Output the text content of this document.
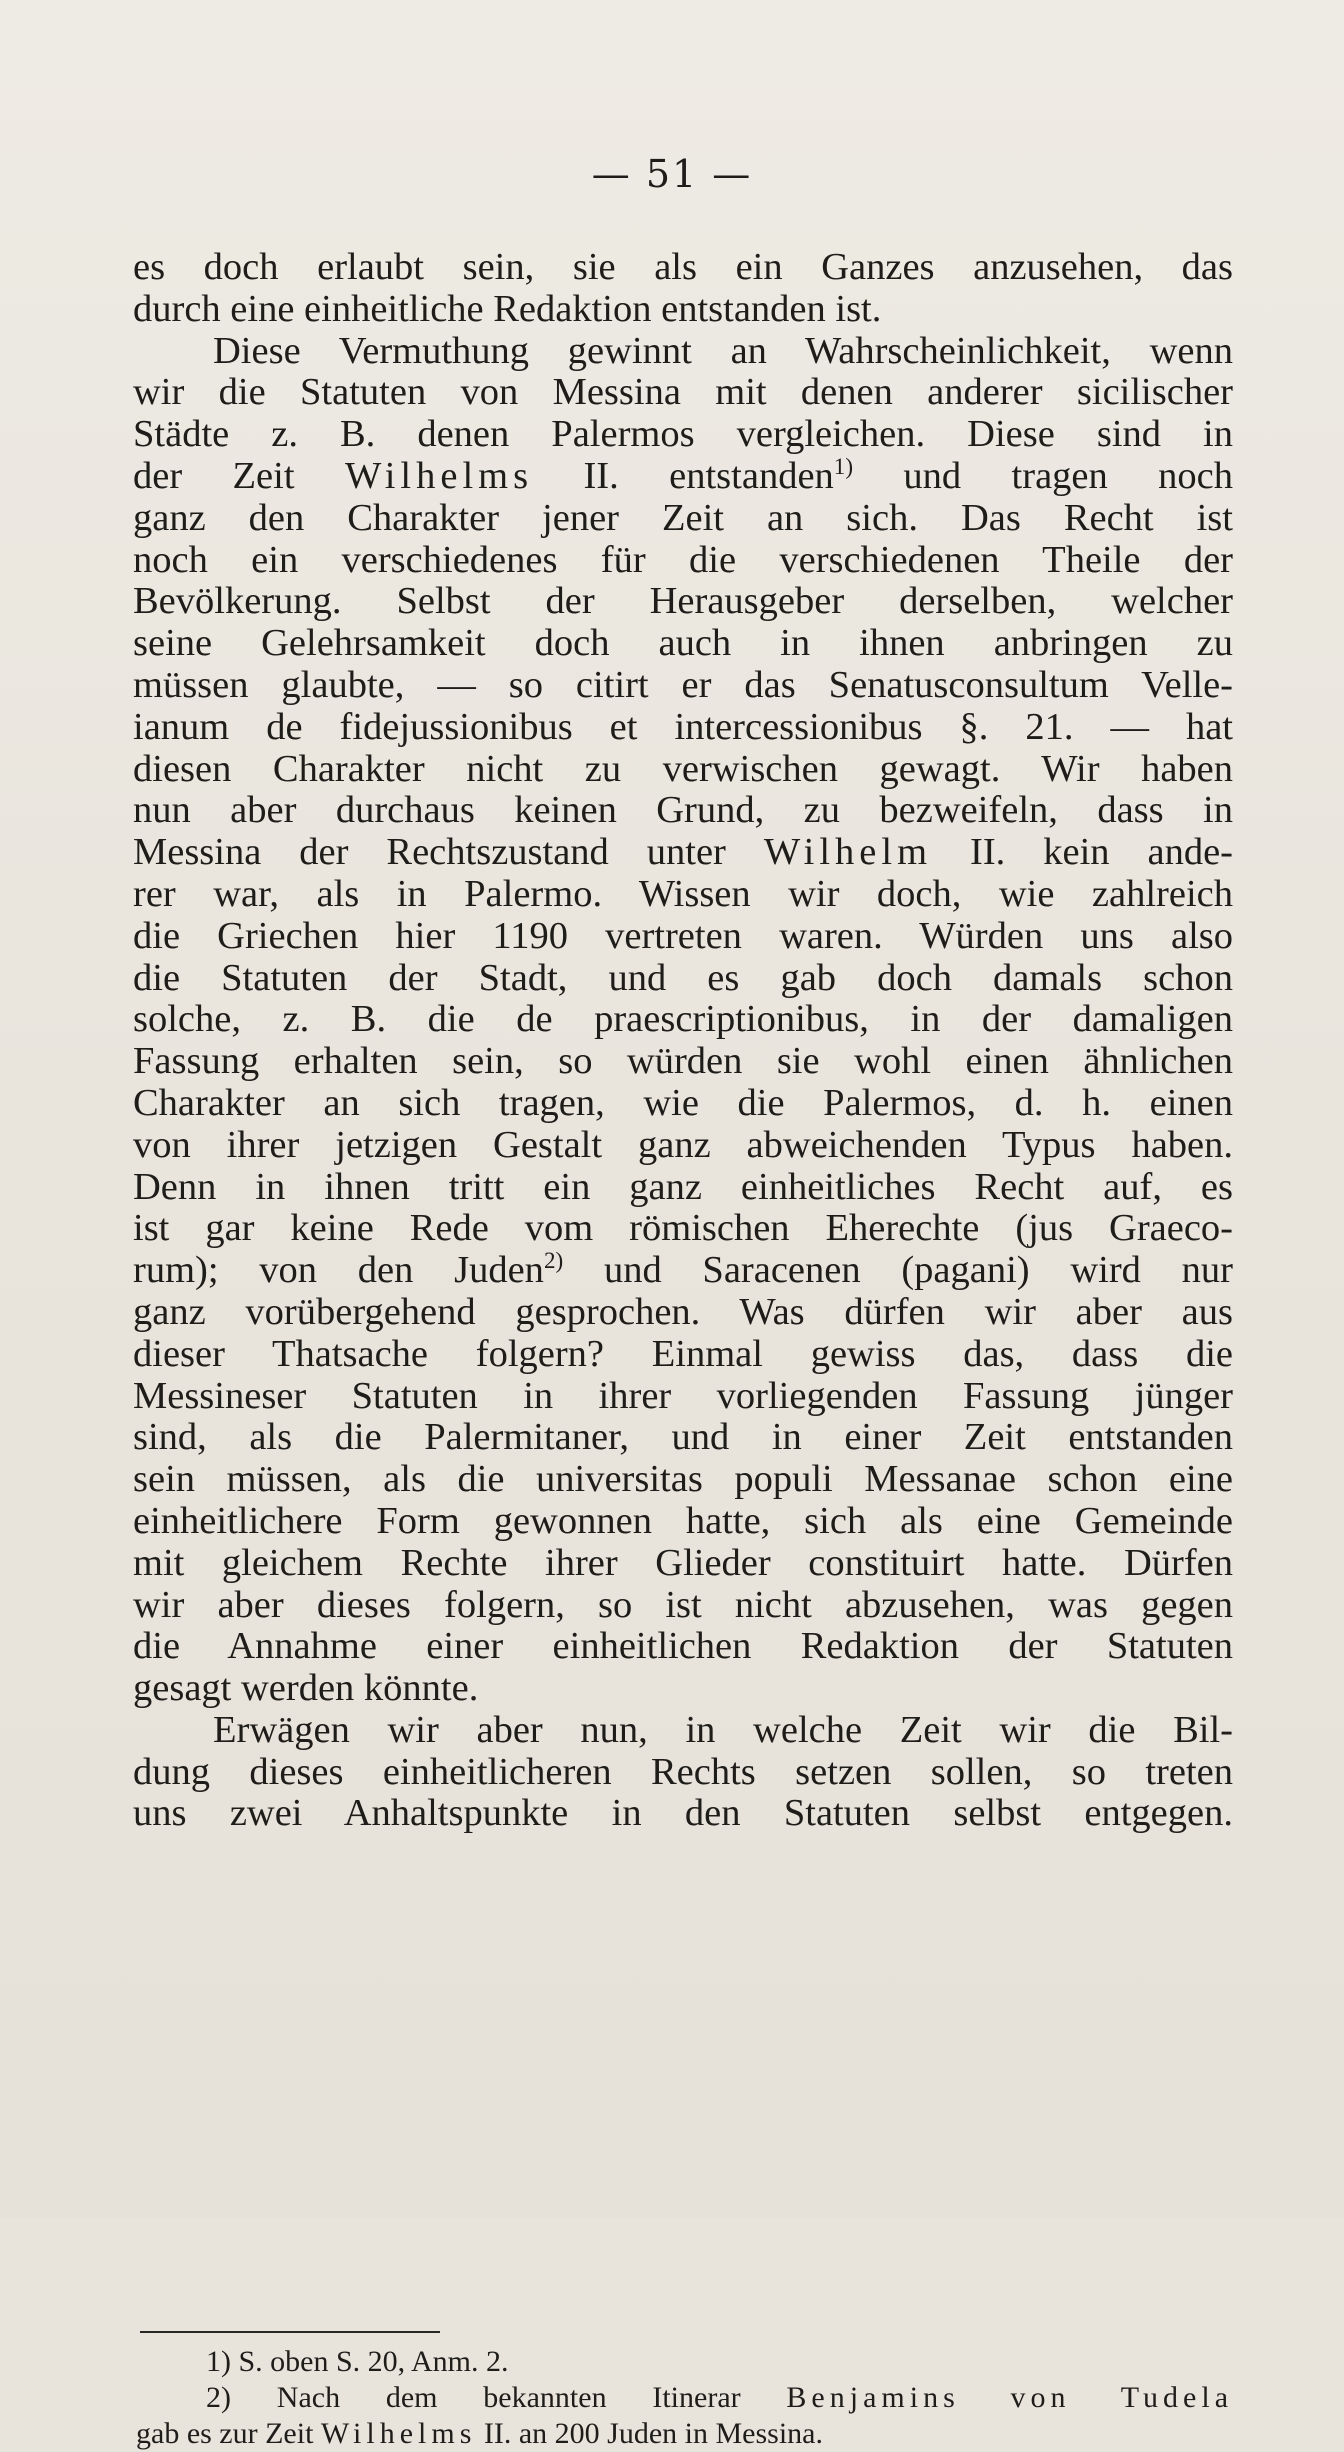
— 51 —
es doch erlaubt sein, sie als ein Ganzes anzusehen, das
durch eine einheitliche Redaktion entstanden ist.
Diese Vermuthung gewinnt an Wahrscheinlichkeit, wenn
wir die Statuten von Messina mit denen anderer sicilischer
Städte z. B. denen Palermos vergleichen. Diese sind in
der Zeit Wilhelms II. entstanden$^{1)}$ und tragen noch
ganz den Charakter jener Zeit an sich. Das Recht ist
noch ein verschiedenes für die verschiedenen Theile der
Bevölkerung. Selbst der Herausgeber derselben, welcher
seine Gelehrsamkeit doch auch in ihnen anbringen zu
müssen glaubte, — so citirt er das Senatusconsultum Velle-
ianum de fidejussionibus et intercessionibus §. 21. — hat
diesen Charakter nicht zu verwischen gewagt. Wir haben
nun aber durchaus keinen Grund, zu bezweifeln, dass in
Messina der Rechtszustand unter Wilhelm II. kein ande-
rer war, als in Palermo. Wissen wir doch, wie zahlreich
die Griechen hier 1190 vertreten waren. Würden uns also
die Statuten der Stadt, und es gab doch damals schon
solche, z. B. die de praescriptionibus, in der damaligen
Fassung erhalten sein, so würden sie wohl einen ähnlichen
Charakter an sich tragen, wie die Palermos, d. h. einen
von ihrer jetzigen Gestalt ganz abweichenden Typus haben.
Denn in ihnen tritt ein ganz einheitliches Recht auf, es
ist gar keine Rede vom römischen Eherechte (jus Graeco-
rum); von den Juden$^{2)}$ und Saracenen (pagani) wird nur
ganz vorübergehend gesprochen. Was dürfen wir aber aus
dieser Thatsache folgern? Einmal gewiss das, dass die
Messineser Statuten in ihrer vorliegenden Fassung jünger
sind, als die Palermitaner, und in einer Zeit entstanden
sein müssen, als die universitas populi Messanae schon eine
einheitlichere Form gewonnen hatte, sich als eine Gemeinde
mit gleichem Rechte ihrer Glieder constituirt hatte. Dürfen
wir aber dieses folgern, so ist nicht abzusehen, was gegen
die Annahme einer einheitlichen Redaktion der Statuten
gesagt werden könnte.
Erwägen wir aber nun, in welche Zeit wir die Bil-
dung dieses einheitlicheren Rechts setzen sollen, so treten
uns zwei Anhaltspunkte in den Statuten selbst entgegen.
1) S. oben S. 20, Anm. 2.
2) Nach dem bekannten Itinerar Benjamins von Tudela
gab es zur Zeit Wilhelms II. an 200 Juden in Messina.
